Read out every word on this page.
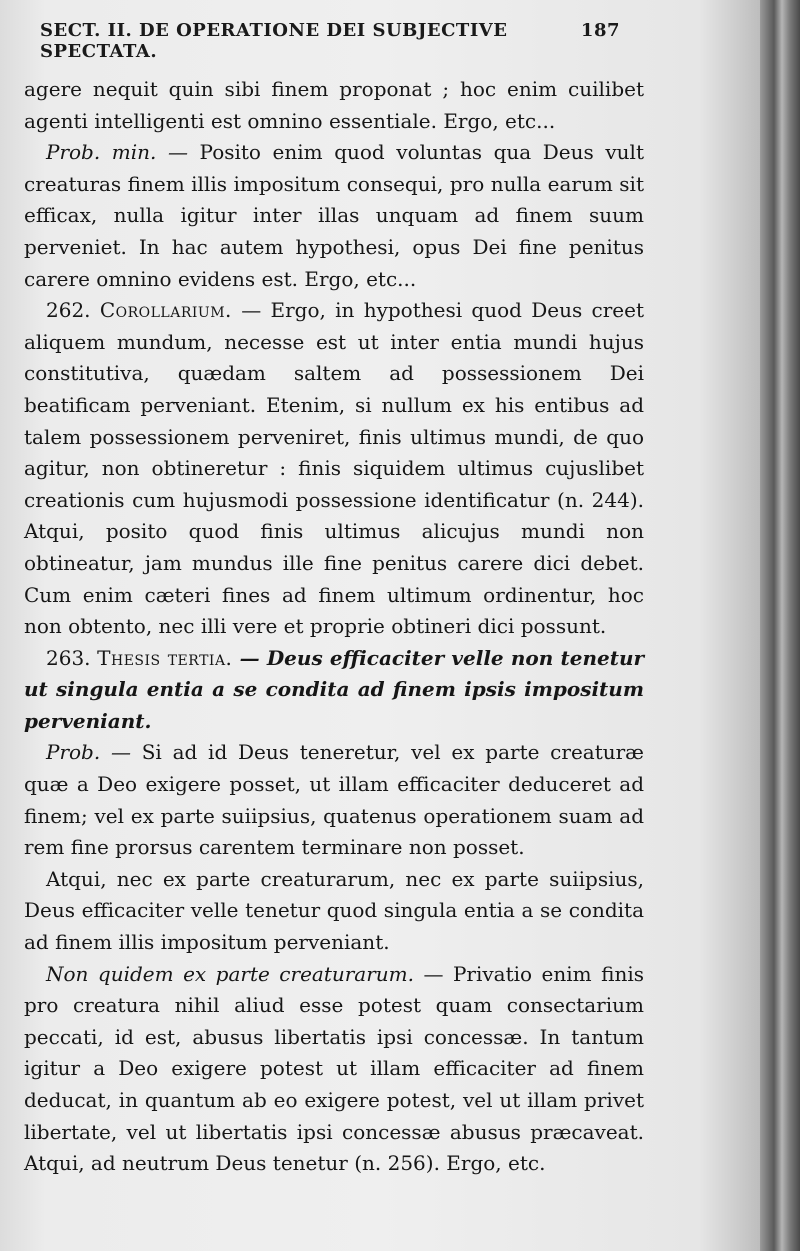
SECT. II. DE OPERATIONE DEI SUBJECTIVE SPECTATA.
187

agere nequit quin sibi finem proponat ; hoc enim cuilibet agenti intelligenti est omnino essentiale. Ergo, etc...

Prob. min. — Posito enim quod voluntas qua Deus vult creaturas finem illis impositum consequi, pro nulla earum sit efficax, nulla igitur inter illas unquam ad finem suum perveniet. In hac autem hypothesi, opus Dei fine penitus carere omnino evidens est. Ergo, etc...

262. Corollarium. — Ergo, in hypothesi quod Deus creet aliquem mundum, necesse est ut inter entia mundi hujus constitutiva, quædam saltem ad possessionem Dei beatificam perveniant. Etenim, si nullum ex his entibus ad talem possessionem perveniret, finis ultimus mundi, de quo agitur, non obtineretur : finis siquidem ultimus cujuslibet creationis cum hujusmodi possessione identificatur (n. 244). Atqui, posito quod finis ultimus alicujus mundi non obtineatur, jam mundus ille fine penitus carere dici debet. Cum enim cæteri fines ad finem ultimum ordinentur, hoc non obtento, nec illi vere et proprie obtineri dici possunt.

263. Thesis tertia. — Deus efficaciter velle non tenetur ut singula entia a se condita ad finem ipsis impositum perveniant.

Prob. — Si ad id Deus teneretur, vel ex parte creaturæ quæ a Deo exigere posset, ut illam efficaciter deduceret ad finem; vel ex parte suiipsius, quatenus operationem suam ad rem fine prorsus carentem terminare non posset.

Atqui, nec ex parte creaturarum, nec ex parte suiipsius, Deus efficaciter velle tenetur quod singula entia a se condita ad finem illis impositum perveniant.

Non quidem ex parte creaturarum. — Privatio enim finis pro creatura nihil aliud esse potest quam consectarium peccati, id est, abusus libertatis ipsi concessæ. In tantum igitur a Deo exigere potest ut illam efficaciter ad finem deducat, in quantum ab eo exigere potest, vel ut illam privet libertate, vel ut libertatis ipsi concessæ abusus præcaveat. Atqui, ad neutrum Deus tenetur (n. 256). Ergo, etc.
